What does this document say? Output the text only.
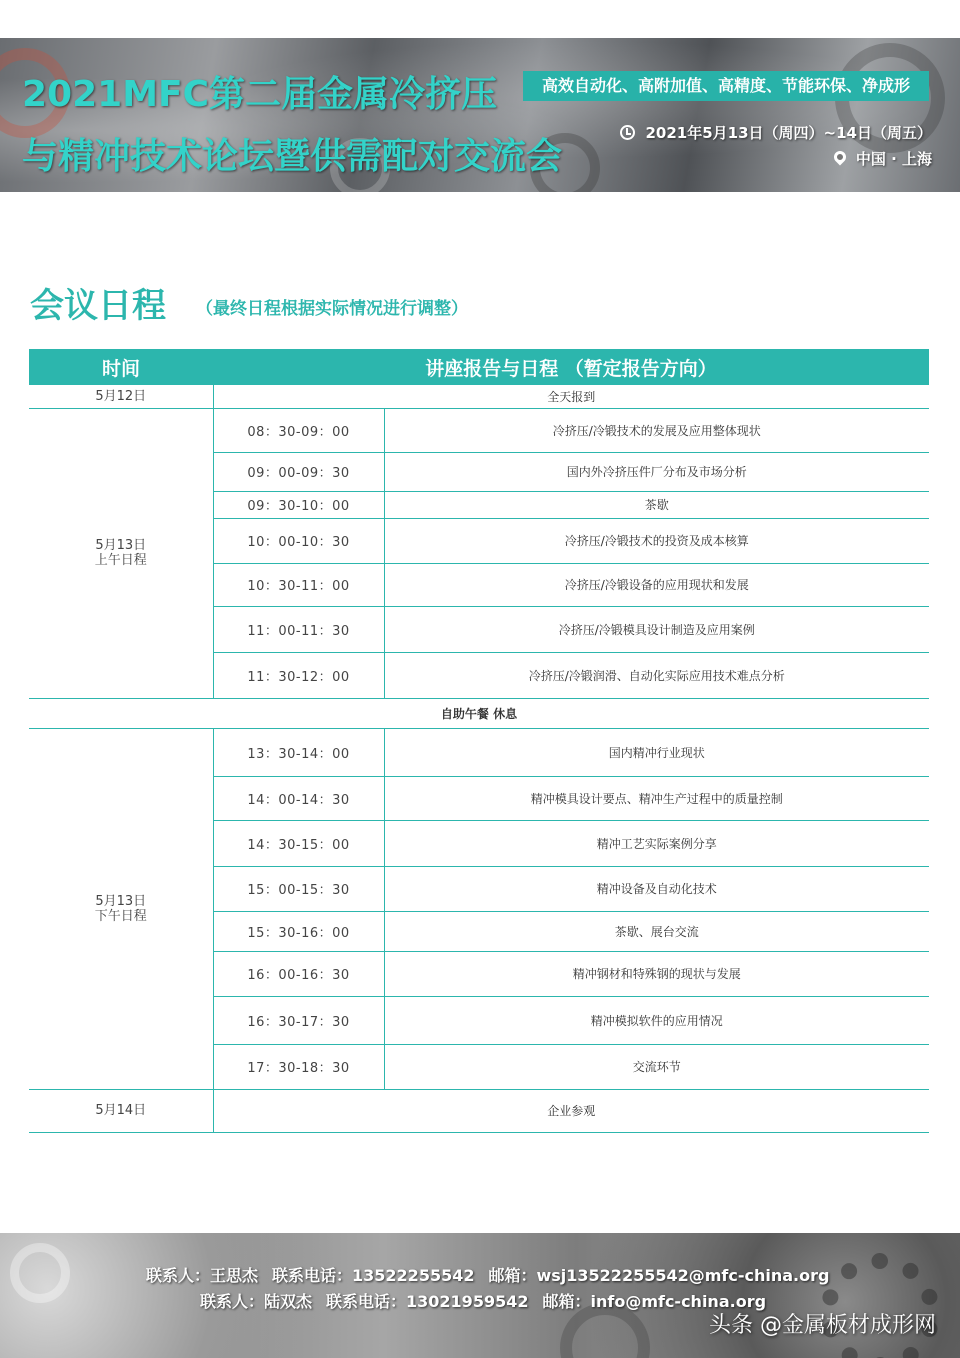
2021MFC第二届金属冷挤压
与精冲技术论坛暨供需配对交流会
高效自动化、高附加值、高精度、节能环保、净成形
2021年5月13日（周四）~14日（周五）
中国 · 上海
会议日程 （最终日程根据实际情况进行调整）
时间	讲座报告与日程 （暂定报告方向）	
5月12日	全天报到	

5月13日
上午日程	08：30-09：00	冷挤压/冷锻技术的发展及应用整体现状
	09：00-09：30	国内外冷挤压件厂分布及市场分析
	09：30-10：00	茶歇
	10：00-10：30	冷挤压/冷锻技术的投资及成本核算
	10：30-11：00	冷挤压/冷锻设备的应用现状和发展
	11：00-11：30	冷挤压/冷锻模具设计制造及应用案例
	11：30-12：00	冷挤压/冷锻润滑、自动化实际应用技术难点分析
自助午餐 休息		

5月13日
下午日程	13：30-14：00	国内精冲行业现状
	14：00-14：30	精冲模具设计要点、精冲生产过程中的质量控制
	14：30-15：00	精冲工艺实际案例分享
	15：00-15：30	精冲设备及自动化技术
	15：30-16：00	茶歇、展台交流
	16：00-16：30	精冲钢材和特殊钢的现状与发展
	16：30-17：30	精冲模拟软件的应用情况
	17：30-18：30	交流环节
5月14日	企业参观	
联系人：王思杰 联系电话：13522255542 邮箱：wsj13522255542@mfc-china.org
联系人：陆双杰 联系电话：13021959542 邮箱：info@mfc-china.org
头条 @金属板材成形网
